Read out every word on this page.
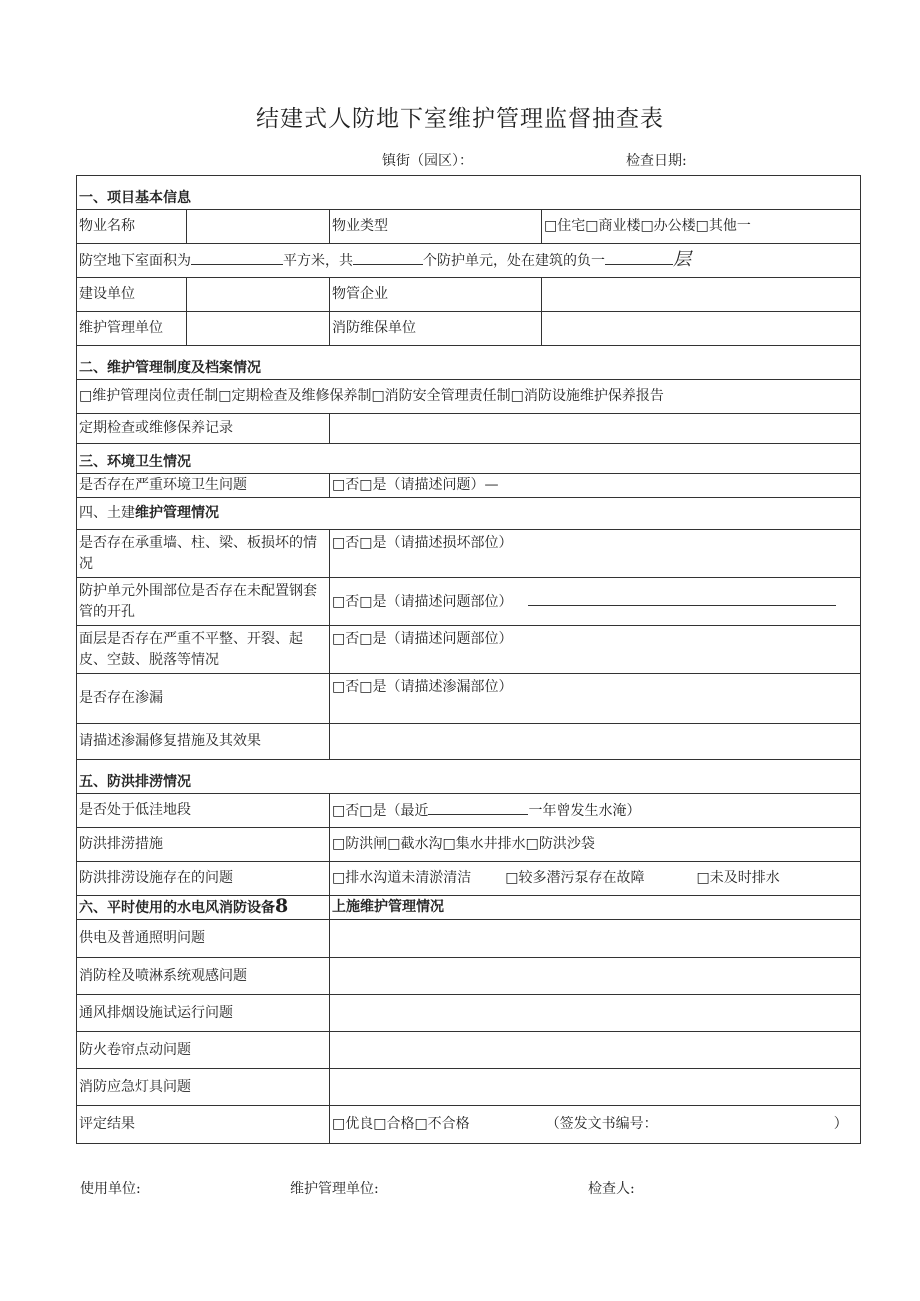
结建式人防地下室维护管理监督抽查表
镇街（园区）：	检查日期:
一、项目基本信息			
物业名称		物业类型	□住宅□商业楼□办公楼□其他一
防空地下室面积为 平方米，共 个防护单元，处在建筑的负一 层			
建设单位		物管企业	
维护管理单位		消防维保单位	
二、维护管理制度及档案情况			
□维护管理岗位责任制□定期检查及维修保养制□消防安全管理责任制□消防设施维护保养报告			
定期检查或维修保养记录			
三、环境卫生情况			
是否存在严重环境卫生问题		□否□是（请描述问题）—	
四、土建维护管理情况			
是否存在承重墙、柱、梁、板损坏的情况		□否□是（请描述损坏部位）	
防护单元外围部位是否存在未配置钢套管的开孔		□否□是（请描述问题部位）	
面层是否存在严重不平整、开裂、起皮、空鼓、脱落等情况		□否□是（请描述问题部位）	
是否存在渗漏		□否□是（请描述渗漏部位）	
请描述渗漏修复措施及其效果			
五、防洪排涝情况			
是否处于低洼地段		□否□是（最近 一年曾发生水淹）	
防洪排涝措施		□防洪闸□截水沟□集水井排水□防洪沙袋	
防洪排涝设施存在的问题		□排水沟道未清淤清洁 □较多潜污泵存在故障 □未及时排水	
六、平时使用的水电风消防设备8		上施维护管理情况	
供电及普通照明问题			
消防栓及喷淋系统观感问题			
通风排烟设施试运行问题			
防火卷帘点动问题			
消防应急灯具问题			
评定结果		□优良□合格□不合格 （签发文书编号： ）	
使用单位:	维护管理单位:	检查人:
